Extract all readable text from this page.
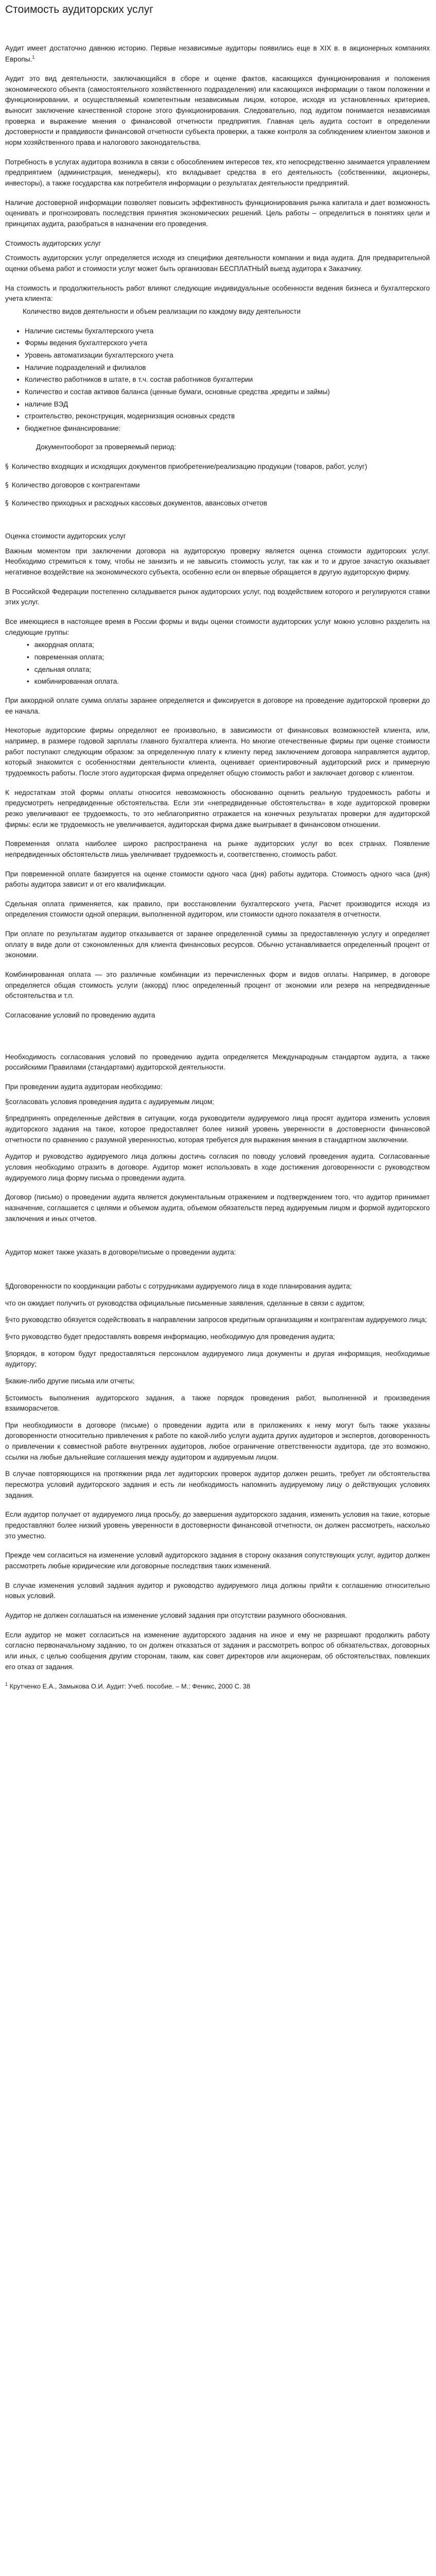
Стоимость аудиторских услуг

Аудит имеет достаточно давнюю историю. Первые независимые аудиторы появились еще в XIX в. в акционерных компаниях Европы.$^1$

Аудит это вид деятельности, заключающийся в сборе и оценке фактов, касающихся функционирования и положения экономического объекта (самостоятельного хозяйственного подразделения) или касающихся информации о таком положении и функционировании, и осуществляемый компетентным независимым лицом, которое, исходя из установленных критериев, выносит заключение качественной стороне этого функционирования. Следовательно, под аудитом понимается независимая проверка и выражение мнения о финансовой отчетности предприятия. Главная цель аудита состоит в определении достоверности и правдивости финансовой отчетности субъекта проверки, а также контроля за соблюдением клиентом законов и норм хозяйственного права и налогового законодательства.

Потребность в услугах аудитора возникла в связи с обособлением интересов тех, кто непосредственно занимается управлением предприятием (администрация, менеджеры), кто вкладывает средства в его деятельность (собственники, акционеры, инвесторы), а также государства как потребителя информации о результатах деятельности предприятий.

Наличие достоверной информации позволяет повысить эффективность функционирования рынка капитала и дает возможность оценивать и прогнозировать последствия принятия экономических решений. Цель работы – определиться в понятиях цели и принципах аудита, разобраться в назначении его проведения.

Стоимость аудиторских услуг

Стоимость аудиторских услуг определяется исходя из специфики деятельности компании и вида аудита. Для предварительной оценки объема работ и стоимости услуг может быть организован БЕСПЛАТНЫЙ выезд аудитора к Заказчику.

На стоимость и продолжительность работ влияют следующие индивидуальные особенности ведения бизнеса и бухгалтерского учета клиента:

Количество видов деятельности и объем реализации по каждому виду деятельности

• Наличие системы бухгалтерского учета
• Формы ведения бухгалтерского учета
• Уровень автоматизации бухгалтерского учета
• Наличие подразделений и филиалов
• Количество работников в штате, в т.ч. состав работников бухгалтерии
• Количество и состав активов баланса (ценные бумаги, основные средства ,кредиты и займы)
• наличие ВЭД
• строительство, реконструкция, модернизация основных средств
• бюджетное финансирование:

Документооборот за проверяемый период:

§ Количество входящих и исходящих документов приобретение/реализацию продукции (товаров, работ, услуг)
§ Количество договоров с контрагентами
§ Количество приходных и расходных кассовых документов, авансовых отчетов

Оценка стоимости аудиторских услуг

Важным моментом при заключении договора на аудиторскую проверку является оценка стоимости аудиторских услуг. Необходимо стремиться к тому, чтобы не занизить и не завысить стоимость услуг, так как и то и другое зачастую оказывает негативное воздействие на экономического субъекта, особенно если он впервые обращается в другую аудиторскую фирму.

В Российской Федерации постепенно складывается рынок аудиторских услуг, под воздействием которого и регулируются ставки этих услуг.

Все имеющиеся в настоящее время в России формы и виды оценки стоимости аудиторских услуг можно условно разделить на следующие группы:

• аккордная оплата;
• повременная оплата;
• сдельная оплата;
• комбинированная оплата.

При аккордной оплате сумма оплаты заранее определяется и фиксируется в договоре на проведение аудиторской проверки до ее начала.

Некоторые аудиторские фирмы определяют ее произвольно, в зависимости от финансовых возможностей клиента, или, например, в размере годовой зарплаты главного бухгалтера клиента. Но многие отечественные фирмы при оценке стоимости работ поступают следующим образом: за определенную плату к клиенту перед заключением договора направляется аудитор, который знакомится с особенностями деятельности клиента, оценивает ориентировочный аудиторский риск и примерную трудоемкость работы. После этого аудиторская фирма определяет общую стоимость работ и заключает договор с клиентом.

К недостаткам этой формы оплаты относится невозможность обоснованно оценить реальную трудоемкость работы и предусмотреть непредвиденные обстоятельства. Если эти «непредвиденные обстоятельства» в ходе аудиторской проверки резко увеличивают ее трудоемкость, то это неблагоприятно отражается на конечных результатах проверки для аудиторской фирмы: если же трудоемкость не увеличивается, аудиторская фирма даже выигрывает в финансовом отношении.

Повременная оплата наиболее широко распространена на рынке аудиторских услуг во всех странах. Появление непредвиденных обстоятельств лишь увеличивает трудоемкость и, соответственно, стоимость работ.

При повременной оплате базируется на оценке стоимости одного часа (дня) работы аудитора. Стоимость одного часа (дня) работы аудитора зависит и от его квалификации.

Сдельная оплата применяется, как правило, при восстановлении бухгалтерского учета, Расчет производится исходя из определения стоимости одной операции, выполненной аудитором, или стоимости одного показателя в отчетности.

При оплате по результатам аудитор отказывается от заранее определенной суммы за предоставленную услугу и определяет оплату в виде доли от сэкономленных для клиента финансовых ресурсов. Обычно устанавливается определенный процент от экономии.

Комбинированная оплата — это различные комбинации из перечисленных форм и видов оплаты. Например, в договоре определяется общая стоимость услуги (аккорд) плюс определенный процент от экономии или резерв на непредвиденные обстоятельства и т.п.

Согласование условий по проведению аудита

Необходимость согласования условий по проведению аудита определяется Международным стандартом аудита, а также российскими Правилами (стандартами) аудиторской деятельности.

При проведении аудита аудиторам необходимо:

§согласовать условия проведения аудита с аудируемым лицом;
§предпринять определенные действия в ситуации, когда руководители аудируемого лица просят аудитора изменить условия аудиторского задания на такое, которое предоставляет более низкий уровень уверенности в достоверности финансовой отчетности по сравнению с разумной уверенностью, которая требуется для выражения мнения в стандартном заключении.

Аудитор и руководство аудируемого лица должны достичь согласия по поводу условий проведения аудита. Согласованные условия необходимо отразить в договоре. Аудитор может использовать в ходе достижения договоренности с руководством аудируемого лица форму письма о проведении аудита.

Договор (письмо) о проведении аудита является документальным отражением и подтверждением того, что аудитор принимает назначение, соглашается с целями и объемом аудита, объемом обязательств перед аудируемым лицом и формой аудиторского заключения и иных отчетов.

Аудитор может также указать в договоре/письме о проведении аудита:

§Договоренности по координации работы с сотрудниками аудируемого лица в ходе планирования аудита;
что он ожидает получить от руководства официальные письменные заявления, сделанные в связи с аудитом;
§что руководство обязуется содействовать в направлении запросов кредитным организациям и контрагентам аудируемого лица;
§что руководство будет предоставлять вовремя информацию, необходимую для проведения аудита;
§порядок, в котором будут предоставляться персоналом аудируемого лица документы и другая информация, необходимые аудитору;
§какие-либо другие письма или отчеты;
§стоимость выполнения аудиторского задания, а также порядок проведения работ, выполненной и произведения взаиморасчетов.
При необходимости в договоре (письме) о проведении аудита или в приложениях к нему могут быть также указаны договоренности относительно привлечения к работе по какой-либо услуги аудита других аудиторов и экспертов, договоренность о привлечении к совместной работе внутренних аудиторов, любое ограничение ответственности аудитора, где это возможно, ссылки на любые дальнейшие соглашения между аудитором и аудируемым лицом.

В случае повторяющихся на протяжении ряда лет аудиторских проверок аудитор должен решить, требует ли обстоятельства пересмотра условий аудиторского задания и есть ли необходимость напомнить аудируемому лицу о действующих условиях задания.

Если аудитор получает от аудируемого лица просьбу, до завершения аудиторского задания, изменить условия на такие, которые предоставляют более низкий уровень уверенности в достоверности финансовой отчетности, он должен рассмотреть, насколько это уместно.

Прежде чем согласиться на изменение условий аудиторского задания в сторону оказания сопутствующих услуг, аудитор должен рассмотреть любые юридические или договорные последствия таких изменений.

В случае изменения условий задания аудитор и руководство аудируемого лица должны прийти к соглашению относительно новых условий.

Аудитор не должен соглашаться на изменение условий задания при отсутствии разумного обоснования.

Если аудитор не может согласиться на изменение аудиторского задания на иное и ему не разрешают продолжить работу согласно первоначальному заданию, то он должен отказаться от задания и рассмотреть вопрос об обязательствах, договорных или иных, с целью сообщения другим сторонам, таким, как совет директоров или акционерам, об обстоятельствах, повлекших его отказ от задания.

$^1$ Крутченко Е.А., Замыкова О.И. Аудит: Учеб. пособие. – М.: Феникс, 2000 С. 38
